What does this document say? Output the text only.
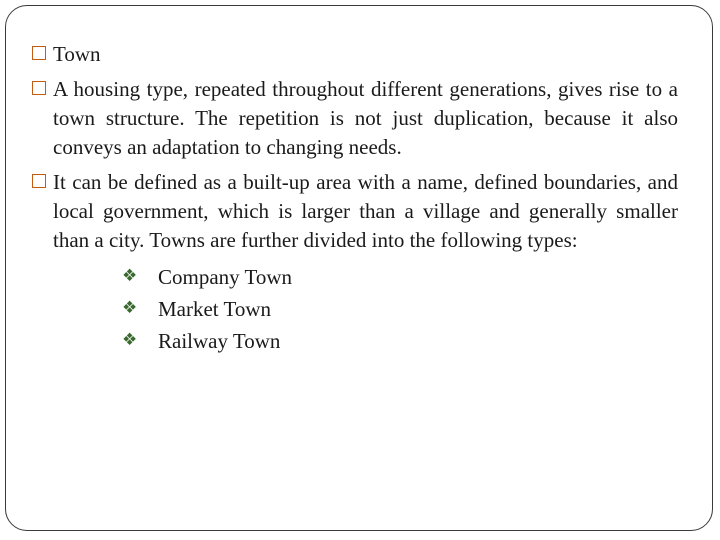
Town
A housing type, repeated throughout different generations, gives rise to a town structure. The repetition is not just duplication, because it also conveys an adaptation to changing needs.
It can be defined as a built-up area with a name, defined boundaries, and local government, which is larger than a village and generally smaller than a city. Towns are further divided into the following types:
❖ Company Town
❖ Market Town
❖ Railway Town
